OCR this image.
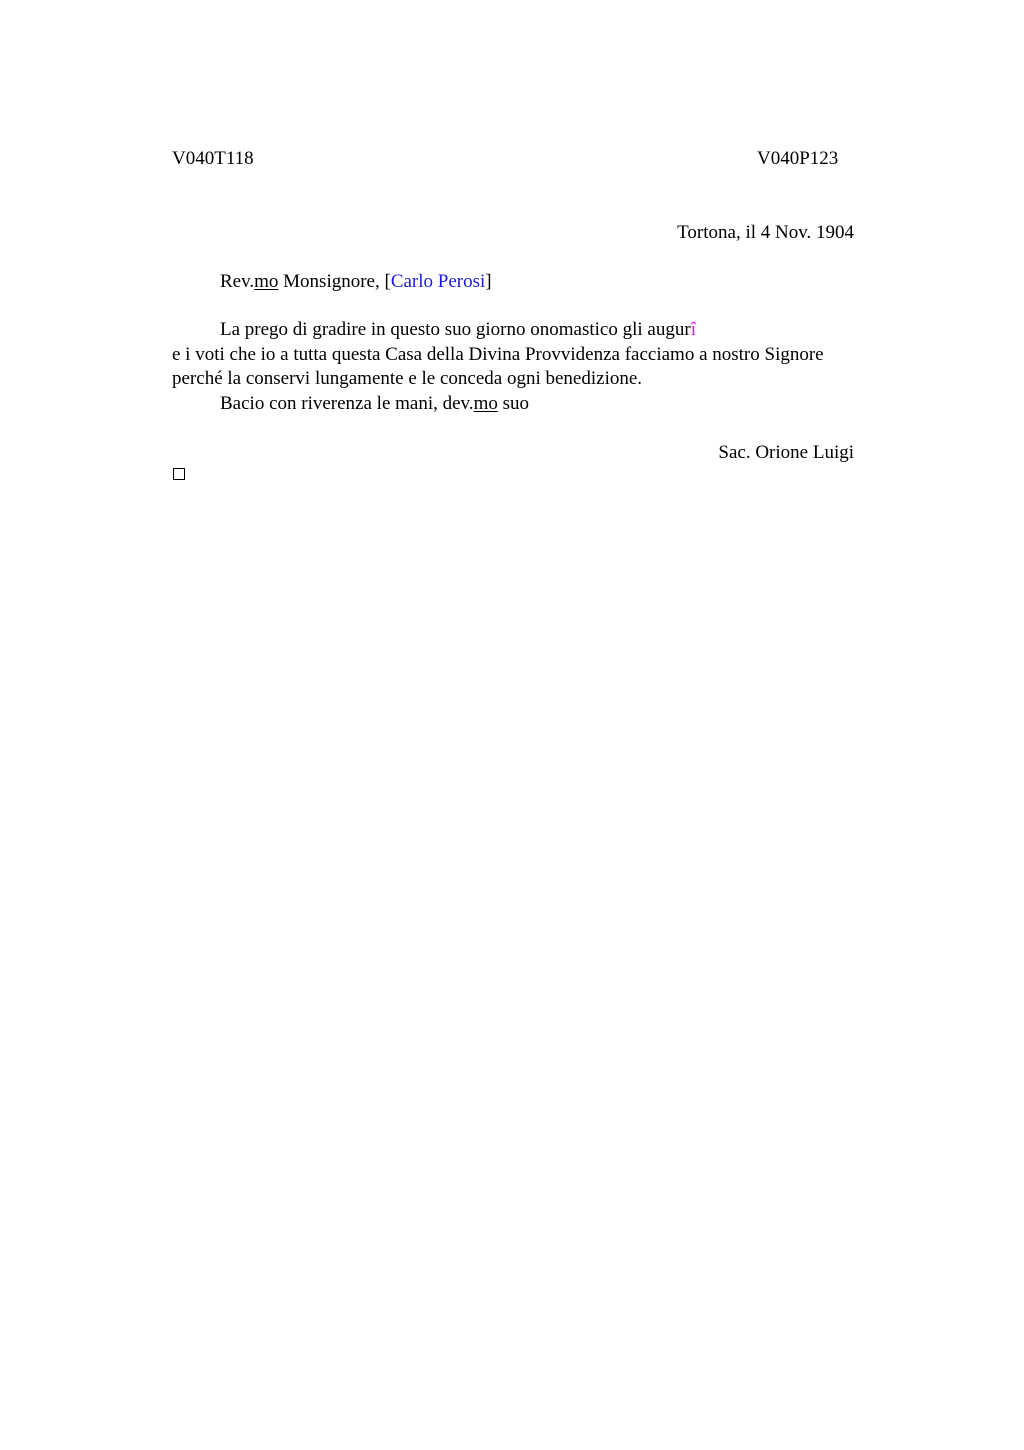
V040T118	V040P123
Tortona, il 4 Nov. 1904
Rev.mo Monsignore, [Carlo Perosi]
La prego di gradire in questo suo giorno onomastico gli augurî
e i voti che io a tutta questa Casa della Divina Provvidenza facciamo a nostro Signore
perché la conservi lungamente e le conceda ogni benedizione.
Bacio con riverenza le mani, dev.mo suo
Sac. Orione Luigi
